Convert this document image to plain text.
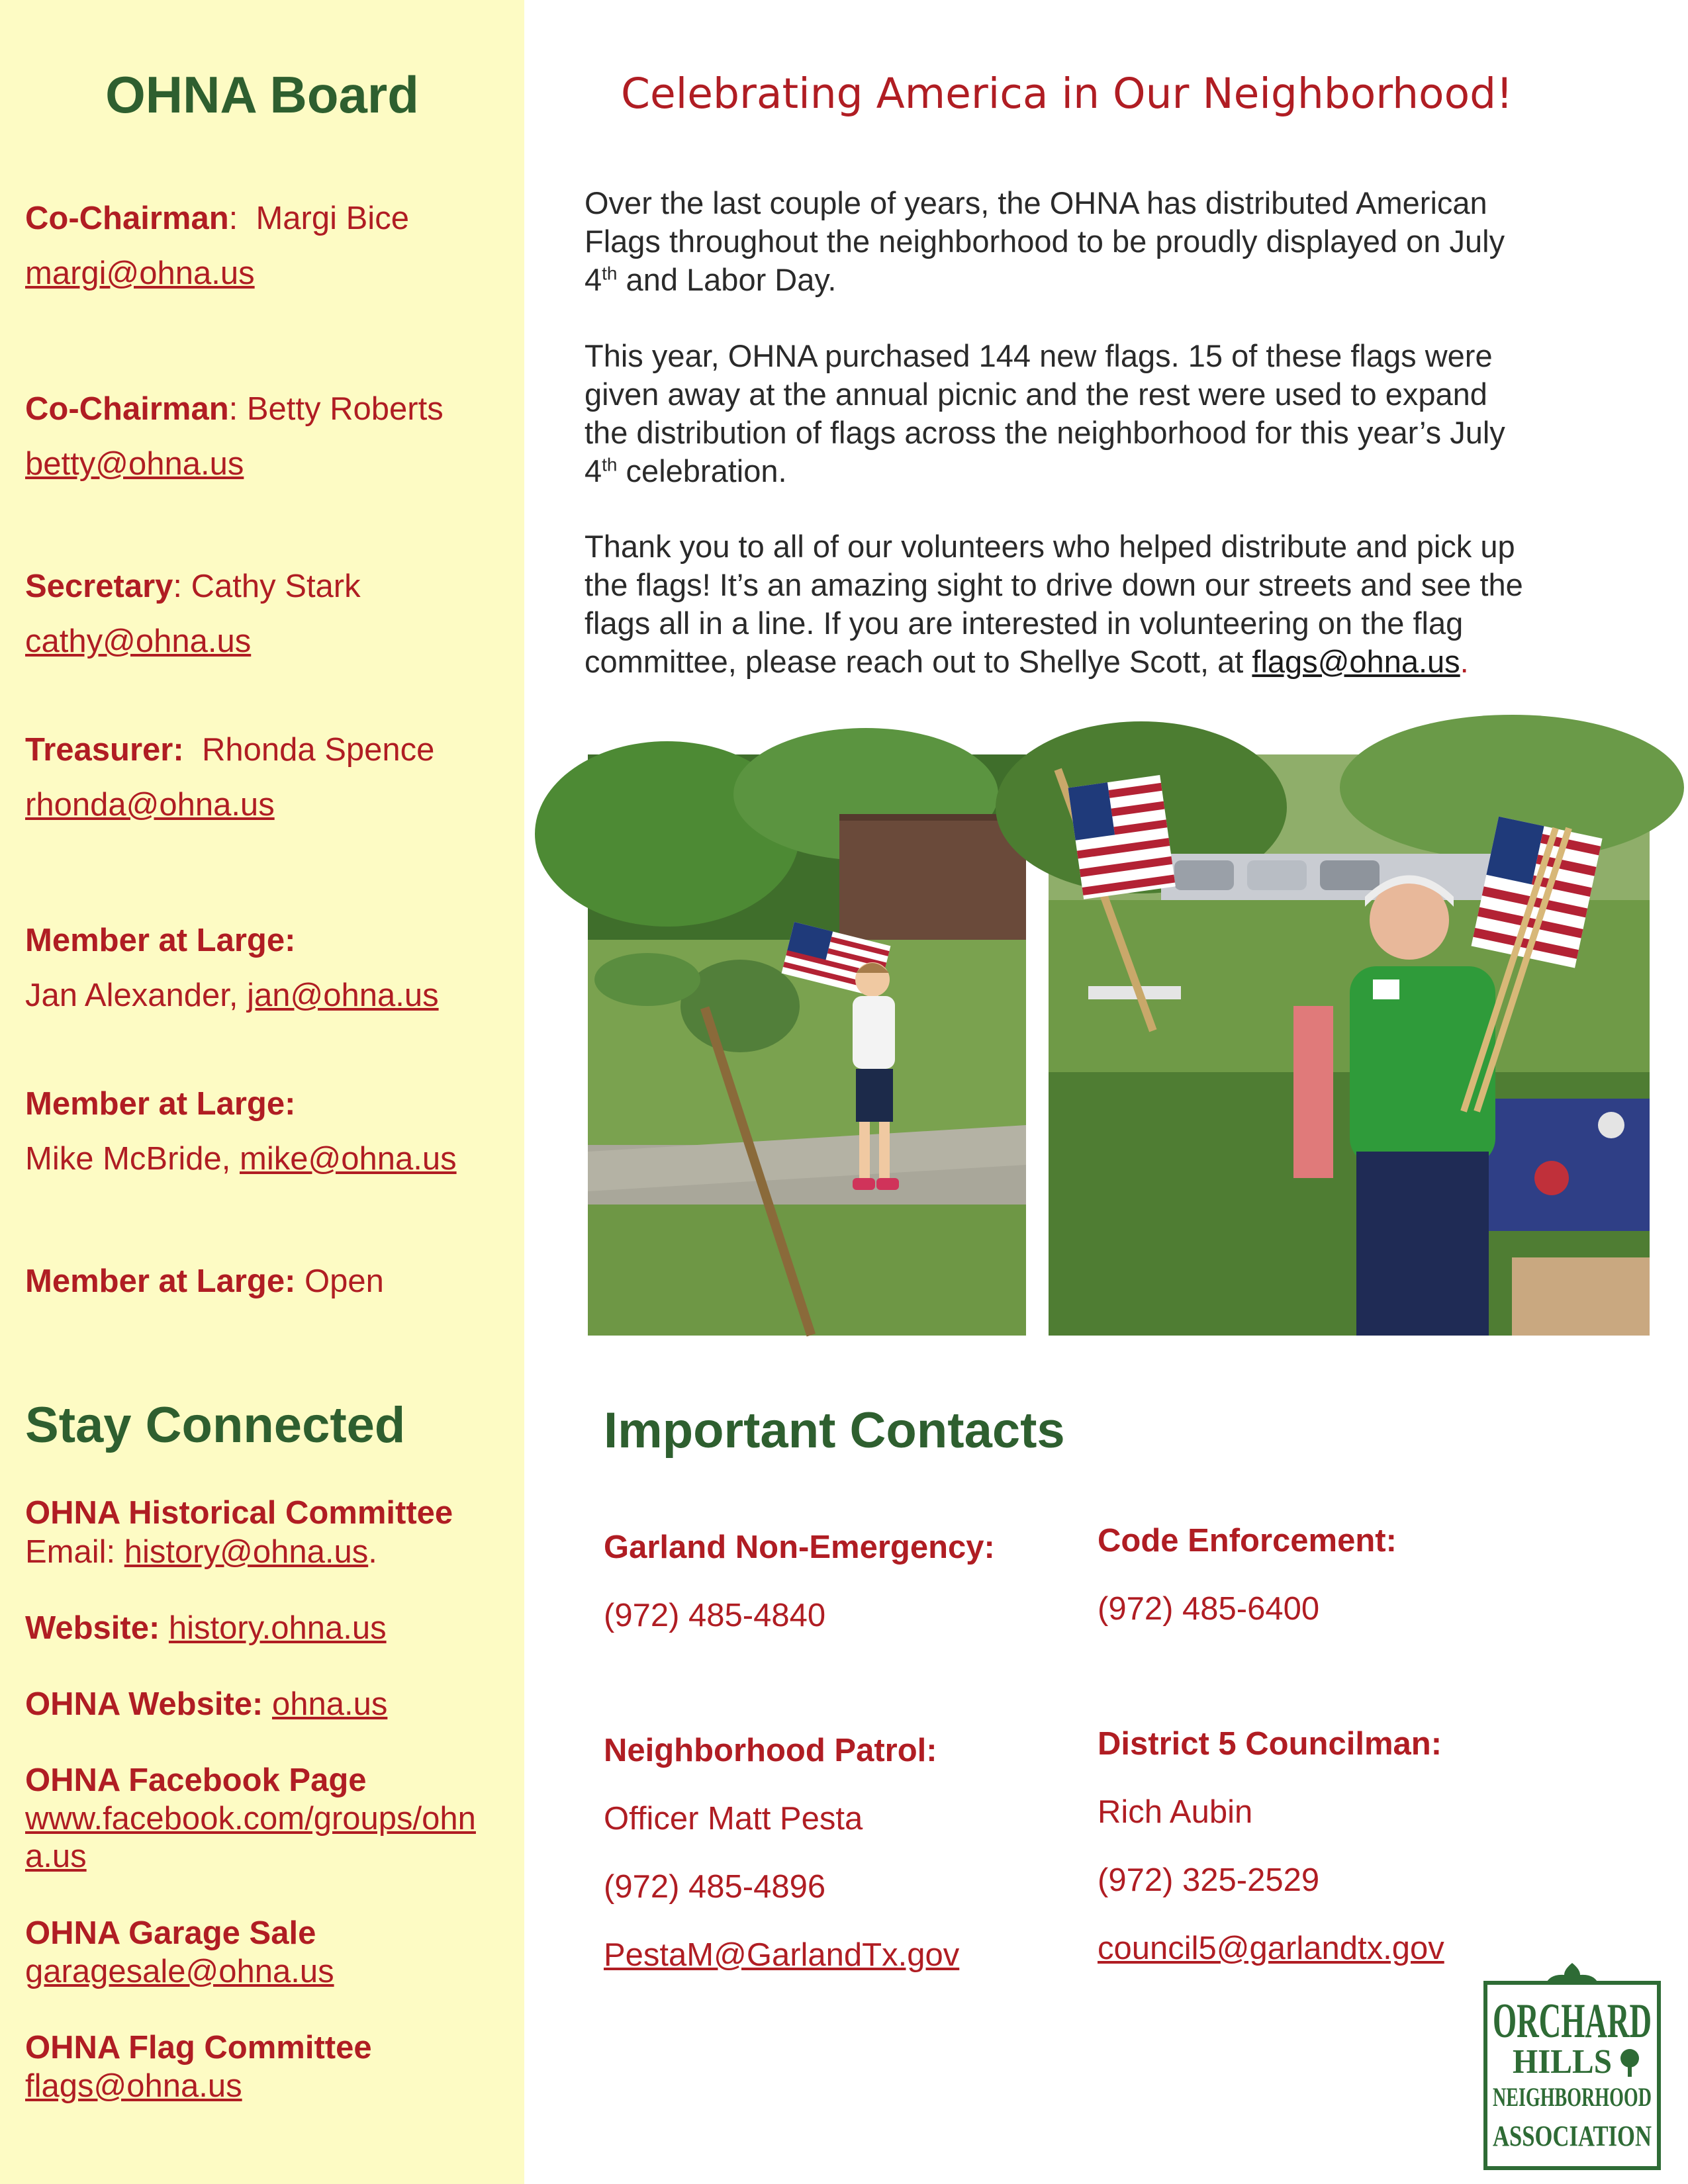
OHNA Board
Co-Chairman:  Margi Bice
margi@ohna.us
Co-Chairman: Betty Roberts
betty@ohna.us
Secretary: Cathy Stark
cathy@ohna.us
Treasurer: Rhonda Spence
rhonda@ohna.us
Member at Large:
Jan Alexander, jan@ohna.us
Member at Large:
Mike McBride, mike@ohna.us
Member at Large: Open
Stay Connected
OHNA Historical Committee
Email: history@ohna.us.
Website: history.ohna.us
OHNA Website: ohna.us
OHNA Facebook Page
www.facebook.com/groups/ohn
a.us
OHNA Garage Sale
garagesale@ohna.us
OHNA Flag Committee
flags@ohna.us
Celebrating America in Our Neighborhood!
Over the last couple of years, the OHNA has distributed American Flags throughout the neighborhood to be proudly displayed on July 4th and Labor Day.
This year, OHNA purchased 144 new flags. 15 of these flags were given away at the annual picnic and the rest were used to expand the distribution of flags across the neighborhood for this year’s July 4th celebration.
Thank you to all of our volunteers who helped distribute and pick up the flags! It’s an amazing sight to drive down our streets and see the flags all in a line. If you are interested in volunteering on the flag committee, please reach out to Shellye Scott, at flags@ohna.us.
Important Contacts
Garland Non-Emergency:
(972) 485-4840
Code Enforcement:
(972) 485-6400
Neighborhood Patrol:
Officer Matt Pesta
(972) 485-4896
PestaM@GarlandTx.gov
District 5 Councilman:
Rich Aubin
(972) 325-2529
council5@garlandtx.gov
ORCHARD
HILLS
NEIGHBORHOOD
ASSOCIATION
